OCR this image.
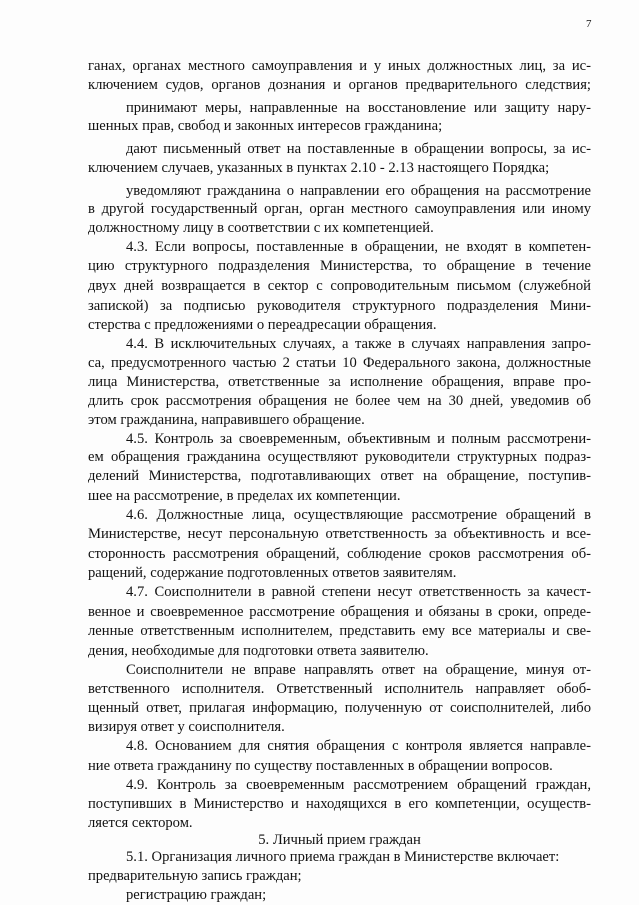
7
ганах, органах местного самоуправления и у иных должностных лиц, за ис-
ключением судов, органов дознания и органов предварительного следствия;
принимают меры, направленные на восстановление или защиту нару-
шенных прав, свобод и законных интересов гражданина;
дают письменный ответ на поставленные в обращении вопросы, за ис-
ключением случаев, указанных в пунктах 2.10 - 2.13 настоящего Порядка;
уведомляют гражданина о направлении его обращения на рассмотрение
в другой государственный орган, орган местного самоуправления или иному
должностному лицу в соответствии с их компетенцией.
4.3. Если вопросы, поставленные в обращении, не входят в компетен-
цию структурного подразделения Министерства, то обращение в течение
двух дней возвращается в сектор с сопроводительным письмом (служебной
запиской) за подписью руководителя структурного подразделения Мини-
стерства с предложениями о переадресации обращения.
4.4. В исключительных случаях, а также в случаях направления запро-
са, предусмотренного частью 2 статьи 10 Федерального закона, должностные
лица Министерства, ответственные за исполнение обращения, вправе про-
длить срок рассмотрения обращения не более чем на 30 дней, уведомив об
этом гражданина, направившего обращение.
4.5. Контроль за своевременным, объективным и полным рассмотрени-
ем обращения гражданина осуществляют руководители структурных подраз-
делений Министерства, подготавливающих ответ на обращение, поступив-
шее на рассмотрение, в пределах их компетенции.
4.6. Должностные лица, осуществляющие рассмотрение обращений в
Министерстве, несут персональную ответственность за объективность и все-
сторонность рассмотрения обращений, соблюдение сроков рассмотрения об-
ращений, содержание подготовленных ответов заявителям.
4.7. Соисполнители в равной степени несут ответственность за качест-
венное и своевременное рассмотрение обращения и обязаны в сроки, опреде-
ленные ответственным исполнителем, представить ему все материалы и све-
дения, необходимые для подготовки ответа заявителю.
Соисполнители не вправе направлять ответ на обращение, минуя от-
ветственного исполнителя. Ответственный исполнитель направляет обоб-
щенный ответ, прилагая информацию, полученную от соисполнителей, либо
визируя ответ у соисполнителя.
4.8. Основанием для снятия обращения с контроля является направле-
ние ответа гражданину по существу поставленных в обращении вопросов.
4.9. Контроль за своевременным рассмотрением обращений граждан,
поступивших в Министерство и находящихся в его компетенции, осуществ-
ляется сектором.
5. Личный прием граждан
5.1. Организация личного приема граждан в Министерстве включает:
предварительную запись граждан;
регистрацию граждан;
